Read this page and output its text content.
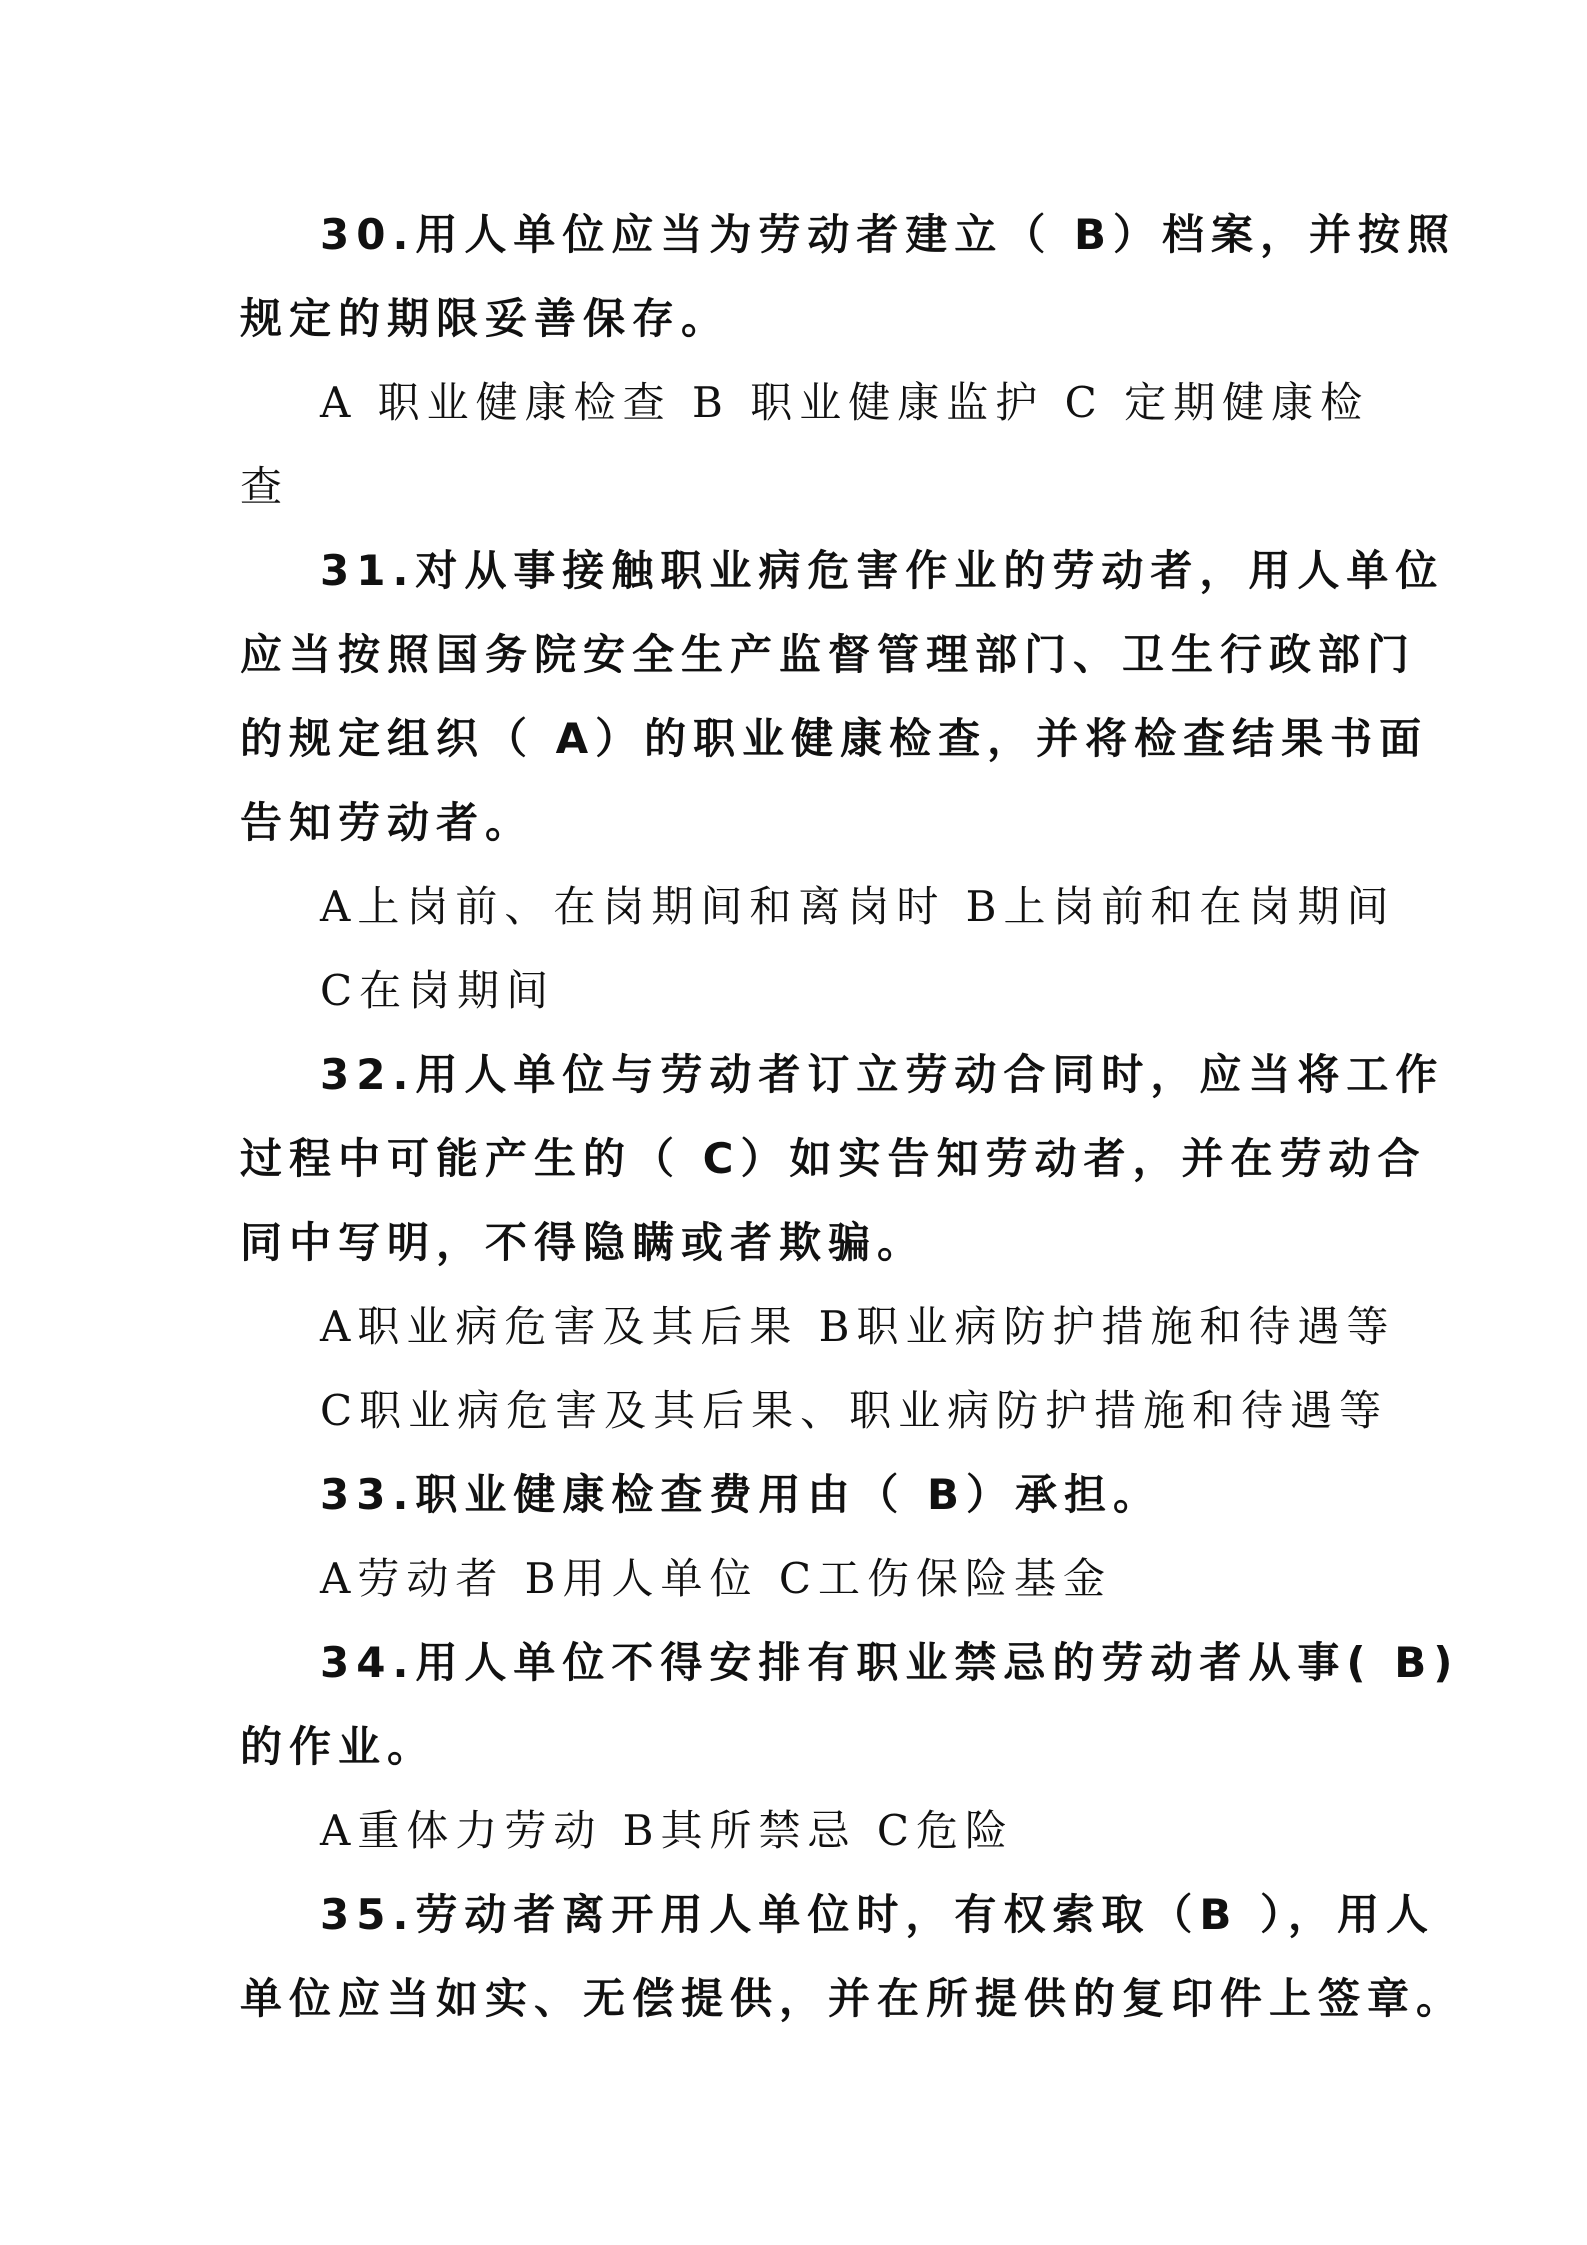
30.用人单位应当为劳动者建立（ B）档案，并按照
规定的期限妥善保存。
A 职业健康检查 B 职业健康监护 C 定期健康检
查
31.对从事接触职业病危害作业的劳动者，用人单位
应当按照国务院安全生产监督管理部门、卫生行政部门
的规定组织（ A）的职业健康检查，并将检查结果书面
告知劳动者。
A上岗前、在岗期间和离岗时 B上岗前和在岗期间
C在岗期间
32.用人单位与劳动者订立劳动合同时，应当将工作
过程中可能产生的（ C）如实告知劳动者，并在劳动合
同中写明，不得隐瞒或者欺骗。
A职业病危害及其后果 B职业病防护措施和待遇等
C职业病危害及其后果、职业病防护措施和待遇等
33.职业健康检查费用由（ B）承担。
A劳动者 B用人单位 C工伤保险基金
34.用人单位不得安排有职业禁忌的劳动者从事( B)
的作业。
A重体力劳动 B其所禁忌 C危险
35.劳动者离开用人单位时，有权索取（B ），用人
单位应当如实、无偿提供，并在所提供的复印件上签章。
